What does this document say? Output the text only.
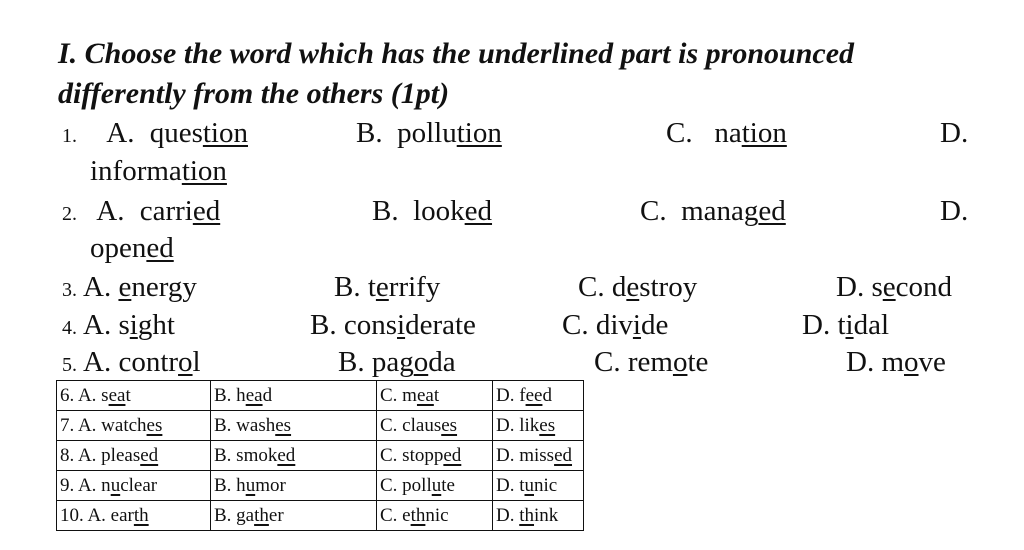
I. Choose the word which has the underlined part is pronounced differently from the others (1pt)
1. A. question	B. pollution	C. nation	D.
information
2. A. carried	B. looked	C. managed	D.
opened
3. A. energy	B. terrify	C. destroy	D. second
4. A. sight	B. considerate	C. divide	D. tidal
5. A. control	B. pagoda	C. remote	D. move
6. A. seat	B. head	C. meat	D. feed
7. A. watches	B. washes	C. clauses	D. likes
8. A. pleased	B. smoked	C. stopped	D. missed
9. A. nuclear	B. humor	C. pollute	D. tunic
10. A. earth	B. gather	C. ethnic	D. think
